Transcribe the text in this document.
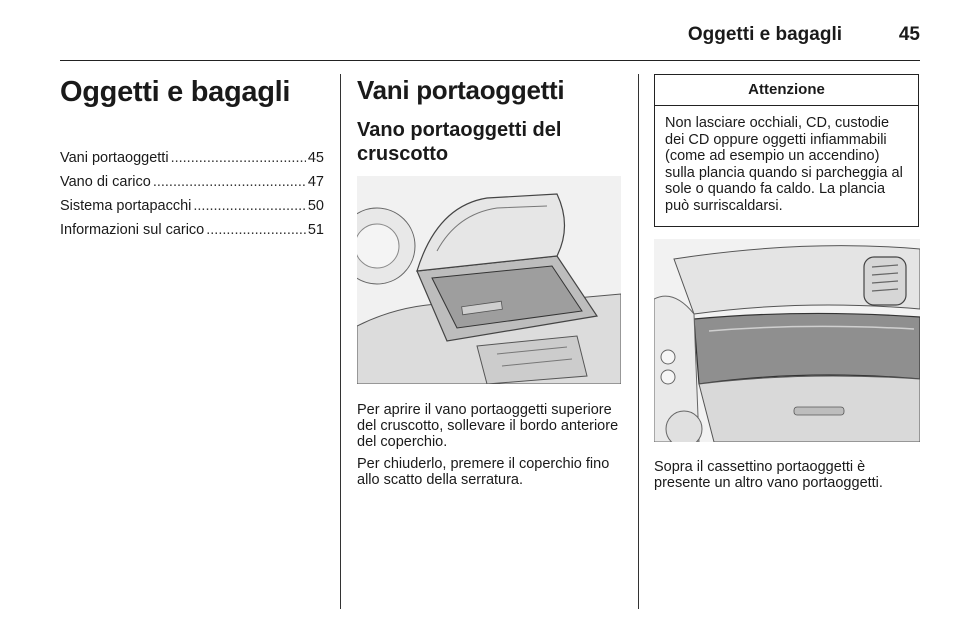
Oggetti e bagagli	45
Oggetti e bagagli
Vani portaoggetti .....	45
Vano di carico .....	47
Sistema portapacchi .....	50
Informazioni sul carico .....	51
Vani portaoggetti
Vano portaoggetti del cruscotto

Per aprire il vano portaoggetti superiore del cruscotto, sollevare il bordo anteriore del coperchio.

Per chiuderlo, premere il coperchio fino allo scatto della serratura.

Attenzione
Non lasciare occhiali, CD, custodie dei CD oppure oggetti infiammabili (come ad esempio un accendino) sulla plancia quando si parcheggia al sole o quando fa caldo. La plancia può surriscaldarsi.

Sopra il cassettino portaoggetti è presente un altro vano portaoggetti.
